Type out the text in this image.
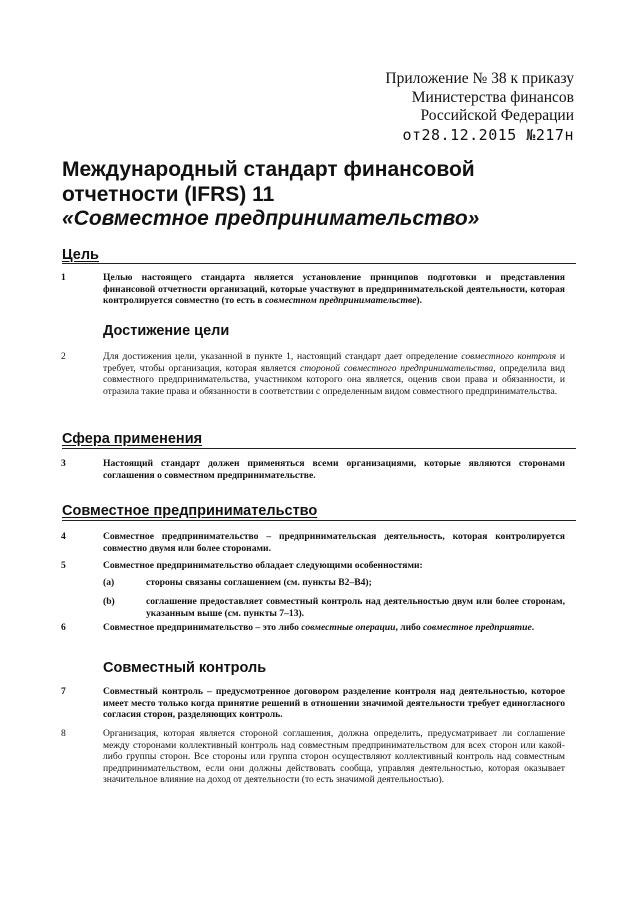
Приложение № 38 к приказу
Министерства финансов
Российской Федерации
от28.12.2015 №217н
Международный стандарт финансовой
отчетности (IFRS) 11
«Совместное предпринимательство»
Цель
1	Целью настоящего стандарта является установление принципов подготовки и представления финансовой отчетности организаций, которые участвуют в предпринимательской деятельности, которая контролируется совместно (то есть в совместном предпринимательстве).
Достижение цели
2	Для достижения цели, указанной в пункте 1, настоящий стандарт дает определение совместного контроля и требует, чтобы организация, которая является стороной совместного предпринимательства, определила вид совместного предпринимательства, участником которого она является, оценив свои права и обязанности, и отразила такие права и обязанности в соответствии с определенным видом совместного предпринимательства.
Сфера применения
3	Настоящий стандарт должен применяться всеми организациями, которые являются сторонами соглашения о совместном предпринимательстве.
Совместное предпринимательство
4	Совместное предпринимательство – предпринимательская деятельность, которая контролируется совместно двумя или более сторонами.
5	Совместное предпринимательство обладает следующими особенностями:
(a)	стороны связаны соглашением (см. пункты B2–B4);
(b)	соглашение предоставляет совместный контроль над деятельностью двум или более сторонам, указанным выше (см. пункты 7–13).
6	Совместное предпринимательство – это либо совместные операции, либо совместное предприятие.
Совместный контроль
7	Совместный контроль – предусмотренное договором разделение контроля над деятельностью, которое имеет место только когда принятие решений в отношении значимой деятельности требует единогласного согласия сторон, разделяющих контроль.
8	Организация, которая является стороной соглашения, должна определить, предусматривает ли соглашение между сторонами коллективный контроль над совместным предпринимательством для всех сторон или какой-либо группы сторон. Все стороны или группа сторон осуществляют коллективный контроль над совместным предпринимательством, если они должны действовать сообща, управляя деятельностью, которая оказывает значительное влияние на доход от деятельности (то есть значимой деятельностью).
